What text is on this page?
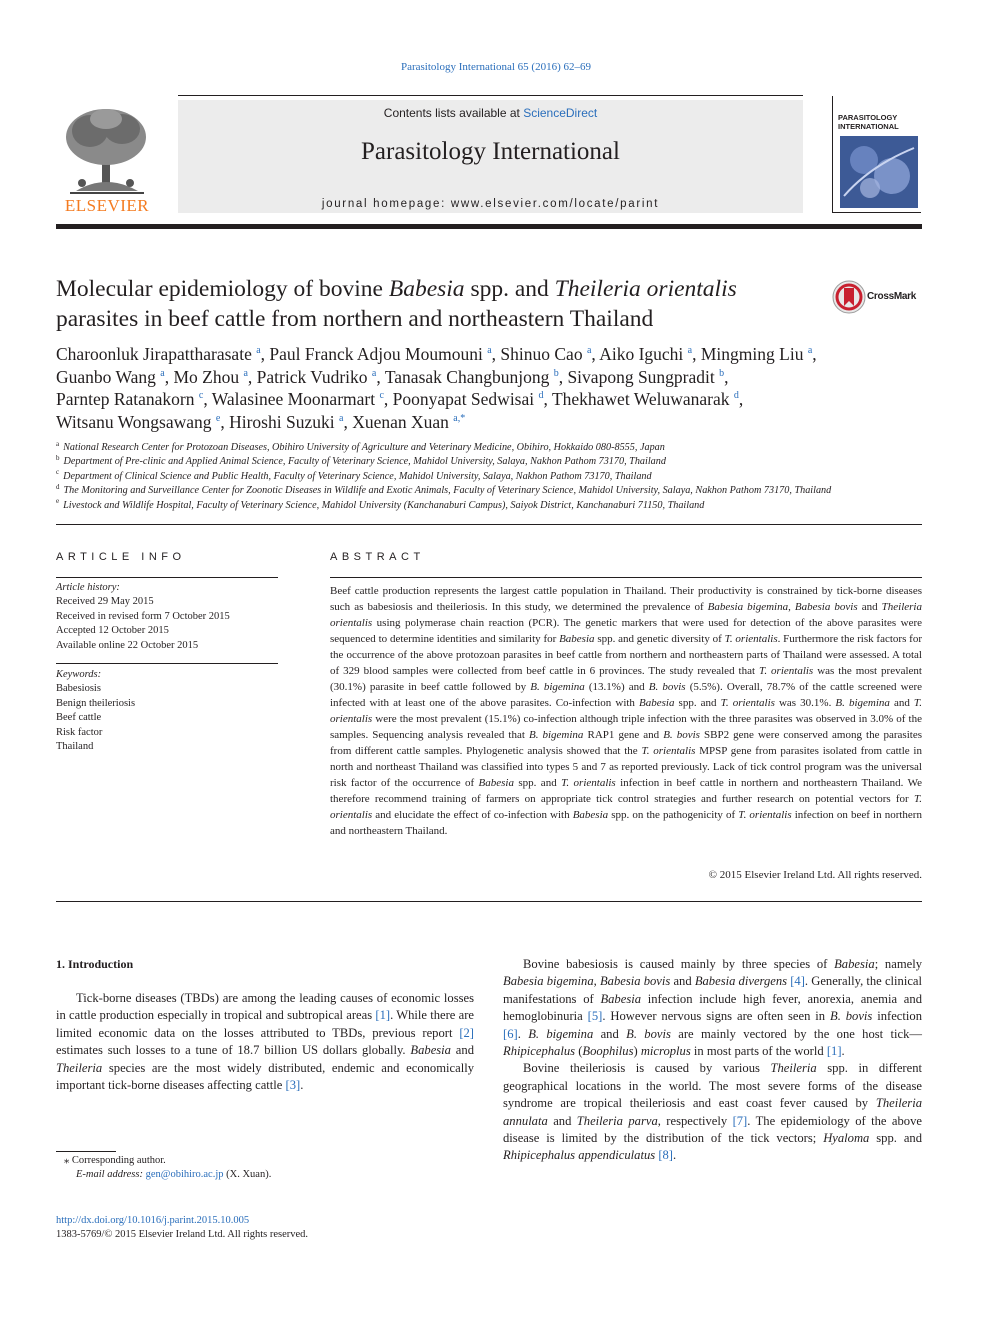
Parasitology International 65 (2016) 62–69
ELSEVIER
Contents lists available at ScienceDirect
Parasitology International
journal homepage: www.elsevier.com/locate/parint
PARASITOLOGY
INTERNATIONAL
Molecular epidemiology of bovine Babesia spp. and Theileria orientalis
parasites in beef cattle from northern and northeastern Thailand
CrossMark
Charoonluk Jirapattharasate $^a$, Paul Franck Adjou Moumouni $^a$, Shinuo Cao $^a$, Aiko Iguchi $^a$, Mingming Liu $^a$,
Guanbo Wang $^a$, Mo Zhou $^a$, Patrick Vudriko $^a$, Tanasak Changbunjong $^b$, Sivapong Sungpradit $^b$,
Parntep Ratanakorn $^c$, Walasinee Moonarmart $^c$, Poonyapat Sedwisai $^d$, Thekhawet Weluwanarak $^d$,
Witsanu Wongsawang $^e$, Hiroshi Suzuki $^a$, Xuenan Xuan $^{a,*}$
$^a$ National Research Center for Protozoan Diseases, Obihiro University of Agriculture and Veterinary Medicine, Obihiro, Hokkaido 080-8555, Japan
$^b$ Department of Pre-clinic and Applied Animal Science, Faculty of Veterinary Science, Mahidol University, Salaya, Nakhon Pathom 73170, Thailand
$^c$ Department of Clinical Science and Public Health, Faculty of Veterinary Science, Mahidol University, Salaya, Nakhon Pathom 73170, Thailand
$^d$ The Monitoring and Surveillance Center for Zoonotic Diseases in Wildlife and Exotic Animals, Faculty of Veterinary Science, Mahidol University, Salaya, Nakhon Pathom 73170, Thailand
$^e$ Livestock and Wildlife Hospital, Faculty of Veterinary Science, Mahidol University (Kanchanaburi Campus), Saiyok District, Kanchanaburi 71150, Thailand
ARTICLE INFO
Article history:
Received 29 May 2015
Received in revised form 7 October 2015
Accepted 12 October 2015
Available online 22 October 2015
Keywords:
Babesiosis
Benign theileriosis
Beef cattle
Risk factor
Thailand
ABSTRACT
Beef cattle production represents the largest cattle population in Thailand. Their productivity is constrained by tick-borne diseases such as babesiosis and theileriosis. In this study, we determined the prevalence of Babesia bigemina, Babesia bovis and Theileria orientalis using polymerase chain reaction (PCR). The genetic markers that were used for detection of the above parasites were sequenced to determine identities and similarity for Babesia spp. and genetic diversity of T. orientalis. Furthermore the risk factors for the occurrence of the above protozoan parasites in beef cattle from northern and northeastern parts of Thailand were assessed. A total of 329 blood samples were collected from beef cattle in 6 provinces. The study revealed that T. orientalis was the most prevalent (30.1%) parasite in beef cattle followed by B. bigemina (13.1%) and B. bovis (5.5%). Overall, 78.7% of the cattle screened were infected with at least one of the above parasites. Co-infection with Babesia spp. and T. orientalis was 30.1%. B. bigemina and T. orientalis were the most prevalent (15.1%) co-infection although triple infection with the three parasites was observed in 3.0% of the samples. Sequencing analysis revealed that B. bigemina RAP1 gene and B. bovis SBP2 gene were conserved among the parasites from different cattle samples. Phylogenetic analysis showed that the T. orientalis MPSP gene from parasites isolated from cattle in north and northeast Thailand was classified into types 5 and 7 as reported previously. Lack of tick control program was the universal risk factor of the occurrence of Babesia spp. and T. orientalis infection in beef cattle in northern and northeastern Thailand. We therefore recommend training of farmers on appropriate tick control strategies and further research on potential vectors for T. orientalis and elucidate the effect of co-infection with Babesia spp. on the pathogenicity of T. orientalis infection on beef in northern and northeastern Thailand.
© 2015 Elsevier Ireland Ltd. All rights reserved.
1. Introduction

Tick-borne diseases (TBDs) are among the leading causes of economic losses in cattle production especially in tropical and subtropical areas [1]. While there are limited economic data on the losses attributed to TBDs, previous report [2] estimates such losses to a tune of 18.7 billion US dollars globally. Babesia and Theileria species are the most widely distributed, endemic and economically important tick-borne diseases affecting cattle [3].

Bovine babesiosis is caused mainly by three species of Babesia; namely Babesia bigemina, Babesia bovis and Babesia divergens [4]. Generally, the clinical manifestations of Babesia infection include high fever, anorexia, anemia and hemoglobinuria [5]. However nervous signs are often seen in B. bovis infection [6]. B. bigemina and B. bovis are mainly vectored by the one host tick—Rhipicephalus (Boophilus) microplus in most parts of the world [1].

Bovine theileriosis is caused by various Theileria spp. in different geographical locations in the world. The most severe forms of the disease syndrome are tropical theileriosis and east coast fever caused by Theileria annulata and Theileria parva, respectively [7]. The epidemiology of the above disease is limited by the distribution of the tick vectors; Hyaloma spp. and Rhipicephalus appendiculatus [8].

⁎ Corresponding author.
E-mail address: gen@obihiro.ac.jp (X. Xuan).
http://dx.doi.org/10.1016/j.parint.2015.10.005
1383-5769/© 2015 Elsevier Ireland Ltd. All rights reserved.
